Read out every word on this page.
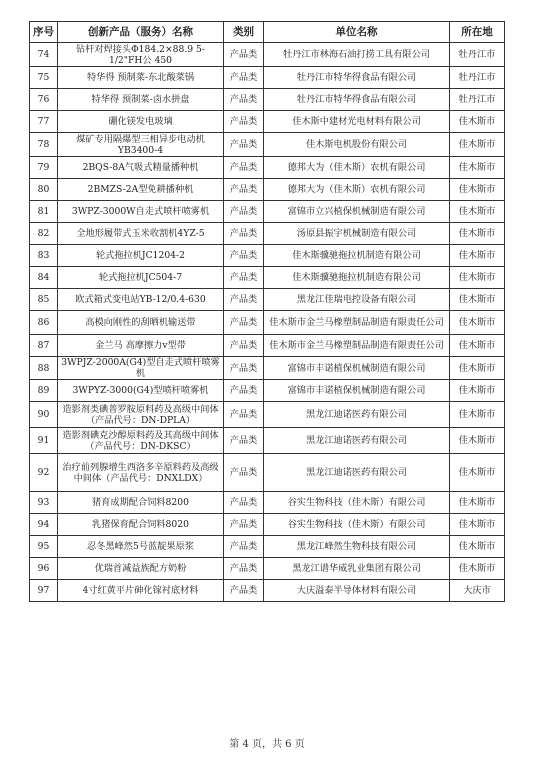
序号	创新产品（服务）名称	类别	单位名称	所在地
74	钻杆对焊接头Φ184.2×88.9 5-1/2"FH公 450	产品类	牡丹江市林海石油打捞工具有限公司	牡丹江市
75	特华得 预制菜-东北酸菜锅	产品类	牡丹江市特华得食品有限公司	牡丹江市
76	特华得 预制菜-卤水拼盘	产品类	牡丹江市特华得食品有限公司	牡丹江市
77	硼化镁发电玻璃	产品类	佳木斯中建材光电材料有限公司	佳木斯市
78	煤矿专用隔爆型三相异步电动机YB3400-4	产品类	佳木斯电机股份有限公司	佳木斯市
79	2BQS-8A气吸式精量播种机	产品类	德邦大为（佳木斯）农机有限公司	佳木斯市
80	2BMZS-2A型免耕播种机	产品类	德邦大为（佳木斯）农机有限公司	佳木斯市
81	3WPZ-3000W自走式喷杆喷雾机	产品类	富锦市立兴植保机械制造有限公司	佳木斯市
82	全地形履带式玉米收割机4YZ-5	产品类	汤原县振宇机械制造有限公司	佳木斯市
83	轮式拖拉机JC1204-2	产品类	佳木斯骥驰拖拉机制造有限公司	佳木斯市
84	轮式拖拉机JC504-7	产品类	佳木斯骥驰拖拉机制造有限公司	佳木斯市
85	欧式箱式变电站YB-12/0.4-630	产品类	黑龙江佳瑞电控设备有限公司	佳木斯市
86	高模向刚性的刮晒机输送带	产品类	佳木斯市金兰马橡塑制品制造有限责任公司	佳木斯市
87	金兰马 高摩擦力v型带	产品类	佳木斯市金兰马橡塑制品制造有限责任公司	佳木斯市
88	3WPJZ-2000A(G4)型自走式喷杆喷雾机	产品类	富锦市丰诺植保机械制造有限公司	佳木斯市
89	3WPYZ-3000(G4)型喷杆喷雾机	产品类	富锦市丰诺植保机械制造有限公司	佳木斯市
90	造影剂类碘普罗胺原料药及高级中间体（产品代号：DN-DPLA）	产品类	黑龙江迪诺医药有限公司	佳木斯市
91	造影剂碘克沙醇原料药及其高级中间体（产品代号：DN-DKSC）	产品类	黑龙江迪诺医药有限公司	佳木斯市
92	治疗前列腺增生西洛多辛原料药及高级中间体（产品代号：DNXLDX）	产品类	黑龙江迪诺医药有限公司	佳木斯市
93	猪育成期配合饲料8200	产品类	谷实生物科技（佳木斯）有限公司	佳木斯市
94	乳猪保育配合饲料8020	产品类	谷实生物科技（佳木斯）有限公司	佳木斯市
95	忍冬黑峰然5号蓝靛果原浆	产品类	黑龙江峰然生物科技有限公司	佳木斯市
96	优瑞首减益族配方奶粉	产品类	黑龙江谱华威乳业集团有限公司	佳木斯市
97	4寸红黄平片砷化镓衬底材料	产品类	大庆溢泰半导体材料有限公司	大庆市
第 4 页，共 6 页
